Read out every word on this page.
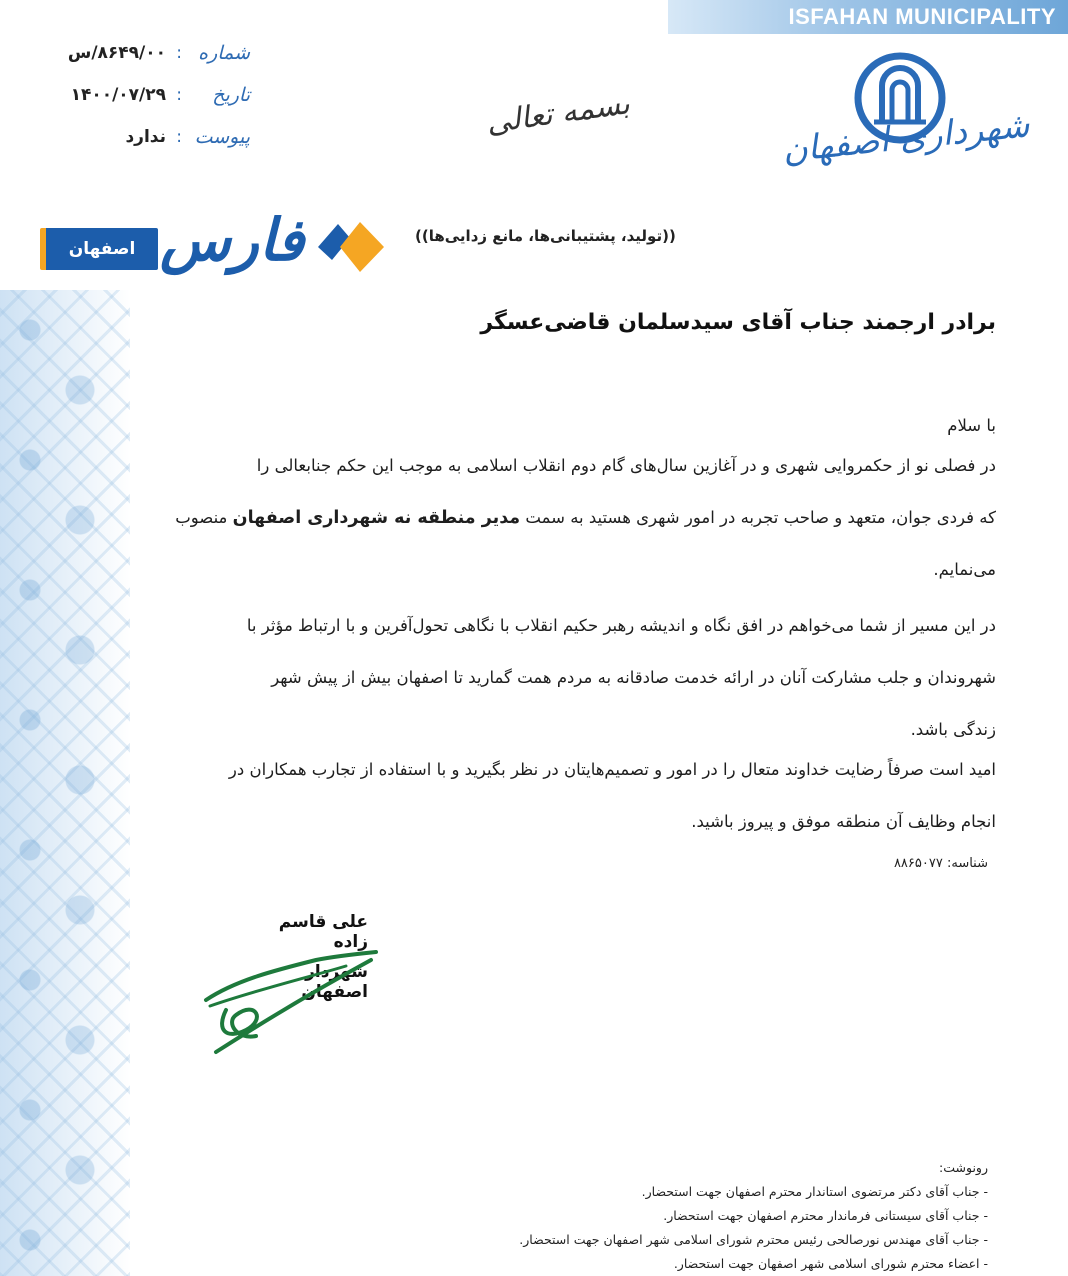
ISFAHAN MUNICIPALITY
شماره
:
۸۶۴۹/۰۰/س
تاریخ
:
۱۴۰۰/۰۷/۲۹
پیوست
:
ندارد	بسمه تعالی	شهرداری اصفهان
((تولید، پشتیبانی‌ها، مانع زدایی‌ها))
اصفهان فارس
برادر ارجمند جناب آقای سیدسلمان قاضی‌عسگر
با سلام
در فصلی نو از حکمروایی شهری و در آغازین سال‌های گام دوم انقلاب اسلامی به موجب این حکم جنابعالی را
که فردی جوان، متعهد و صاحب تجربه در امور شهری هستید به سمت مدیر منطقه نه شهرداری اصفهان منصوب
می‌نمایم.
در این مسیر از شما می‌خواهم در افق نگاه و اندیشه رهبر حکیم انقلاب با نگاهی تحول‌آفرین و با ارتباط مؤثر با
شهروندان و جلب مشارکت آنان در ارائه خدمت صادقانه به مردم همت گمارید تا اصفهان بیش از پیش شهر
زندگی باشد.
امید است صرفاً رضایت خداوند متعال را در امور و تصمیم‌هایتان در نظر بگیرید و با استفاده از تجارب همکاران در
انجام وظایف آن منطقه موفق و پیروز باشید.
شناسه: ۸۸۶۵۰۷۷
علی قاسم زاده
شهردار اصفهان
رونوشت:
- جناب آقای دکتر مرتضوی استاندار محترم اصفهان جهت استحضار.
- جناب آقای سیستانی فرماندار محترم اصفهان جهت استحضار.
- جناب آقای مهندس نورصالحی رئیس محترم شورای اسلامی شهر اصفهان جهت استحضار.
- اعضاء محترم شورای اسلامی شهر اصفهان جهت استحضار.
